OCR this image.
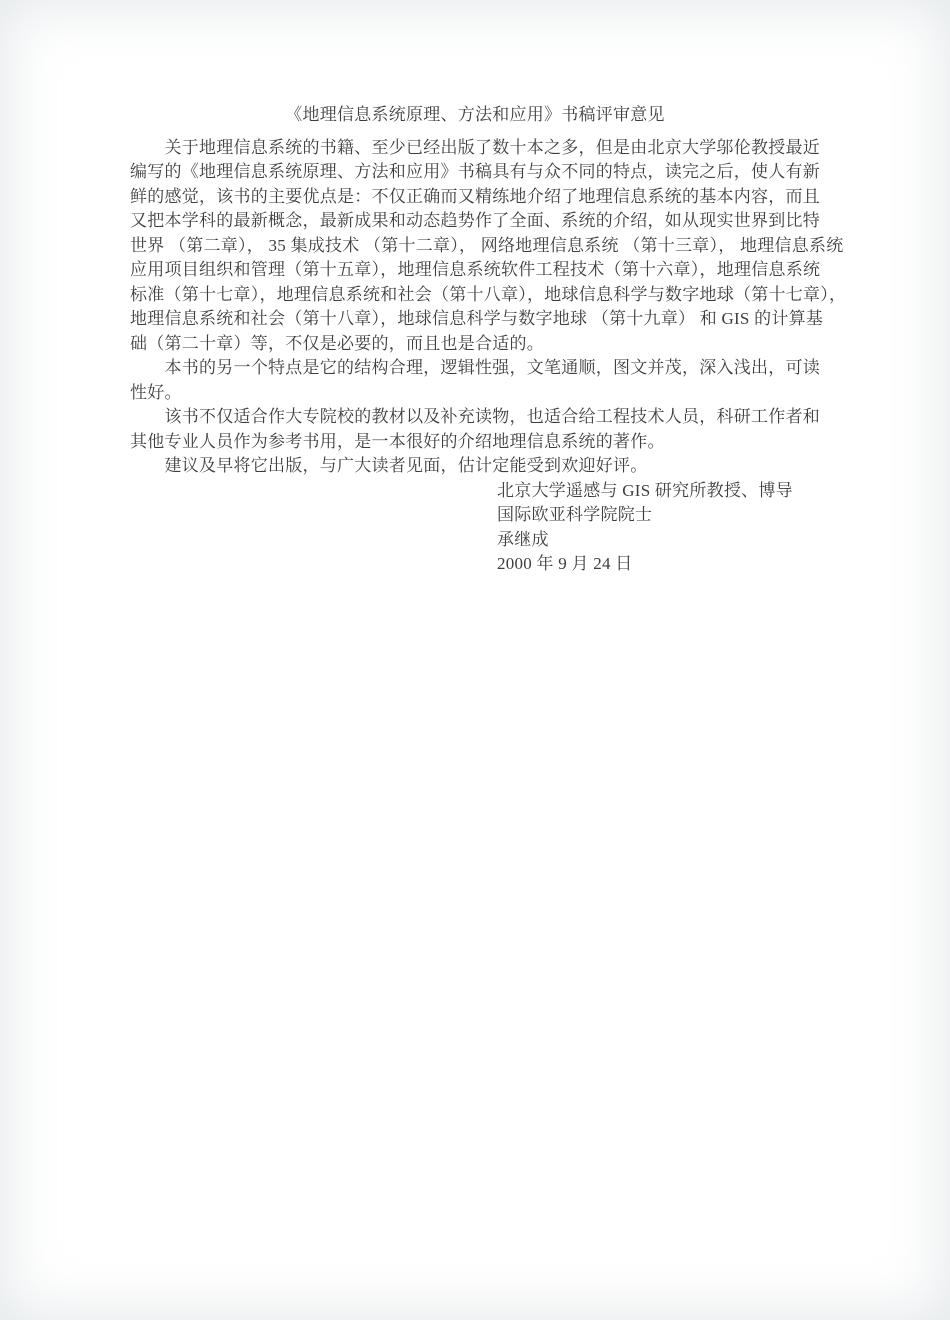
《地理信息系统原理、方法和应用》书稿评审意见
　　关于地理信息系统的书籍、至少已经出版了数十本之多，但是由北京大学邬伦教授最近
编写的《地理信息系统原理、方法和应用》书稿具有与众不同的特点，读完之后，使人有新
鲜的感觉，该书的主要优点是：不仅正确而又精练地介绍了地理信息系统的基本内容，而且
又把本学科的最新概念，最新成果和动态趋势作了全面、系统的介绍，如从现实世界到比特
世界 （第二章）， 35 集成技术 （第十二章）， 网络地理信息系统 （第十三章）， 地理信息系统
应用项目组织和管理（第十五章），地理信息系统软件工程技术（第十六章），地理信息系统
标准（第十七章），地理信息系统和社会（第十八章），地球信息科学与数字地球（第十七章），
地理信息系统和社会（第十八章），地球信息科学与数字地球 （第十九章） 和 GIS 的计算基
础（第二十章）等，不仅是必要的，而且也是合适的。
　　本书的另一个特点是它的结构合理，逻辑性强，文笔通顺，图文并茂，深入浅出，可读
性好。
　　该书不仅适合作大专院校的教材以及补充读物，也适合给工程技术人员，科研工作者和
其他专业人员作为参考书用，是一本很好的介绍地理信息系统的著作。
　　建议及早将它出版，与广大读者见面，估计定能受到欢迎好评。
北京大学遥感与 GIS 研究所教授、博导
国际欧亚科学院院士
承继成
2000 年 9 月 24 日
